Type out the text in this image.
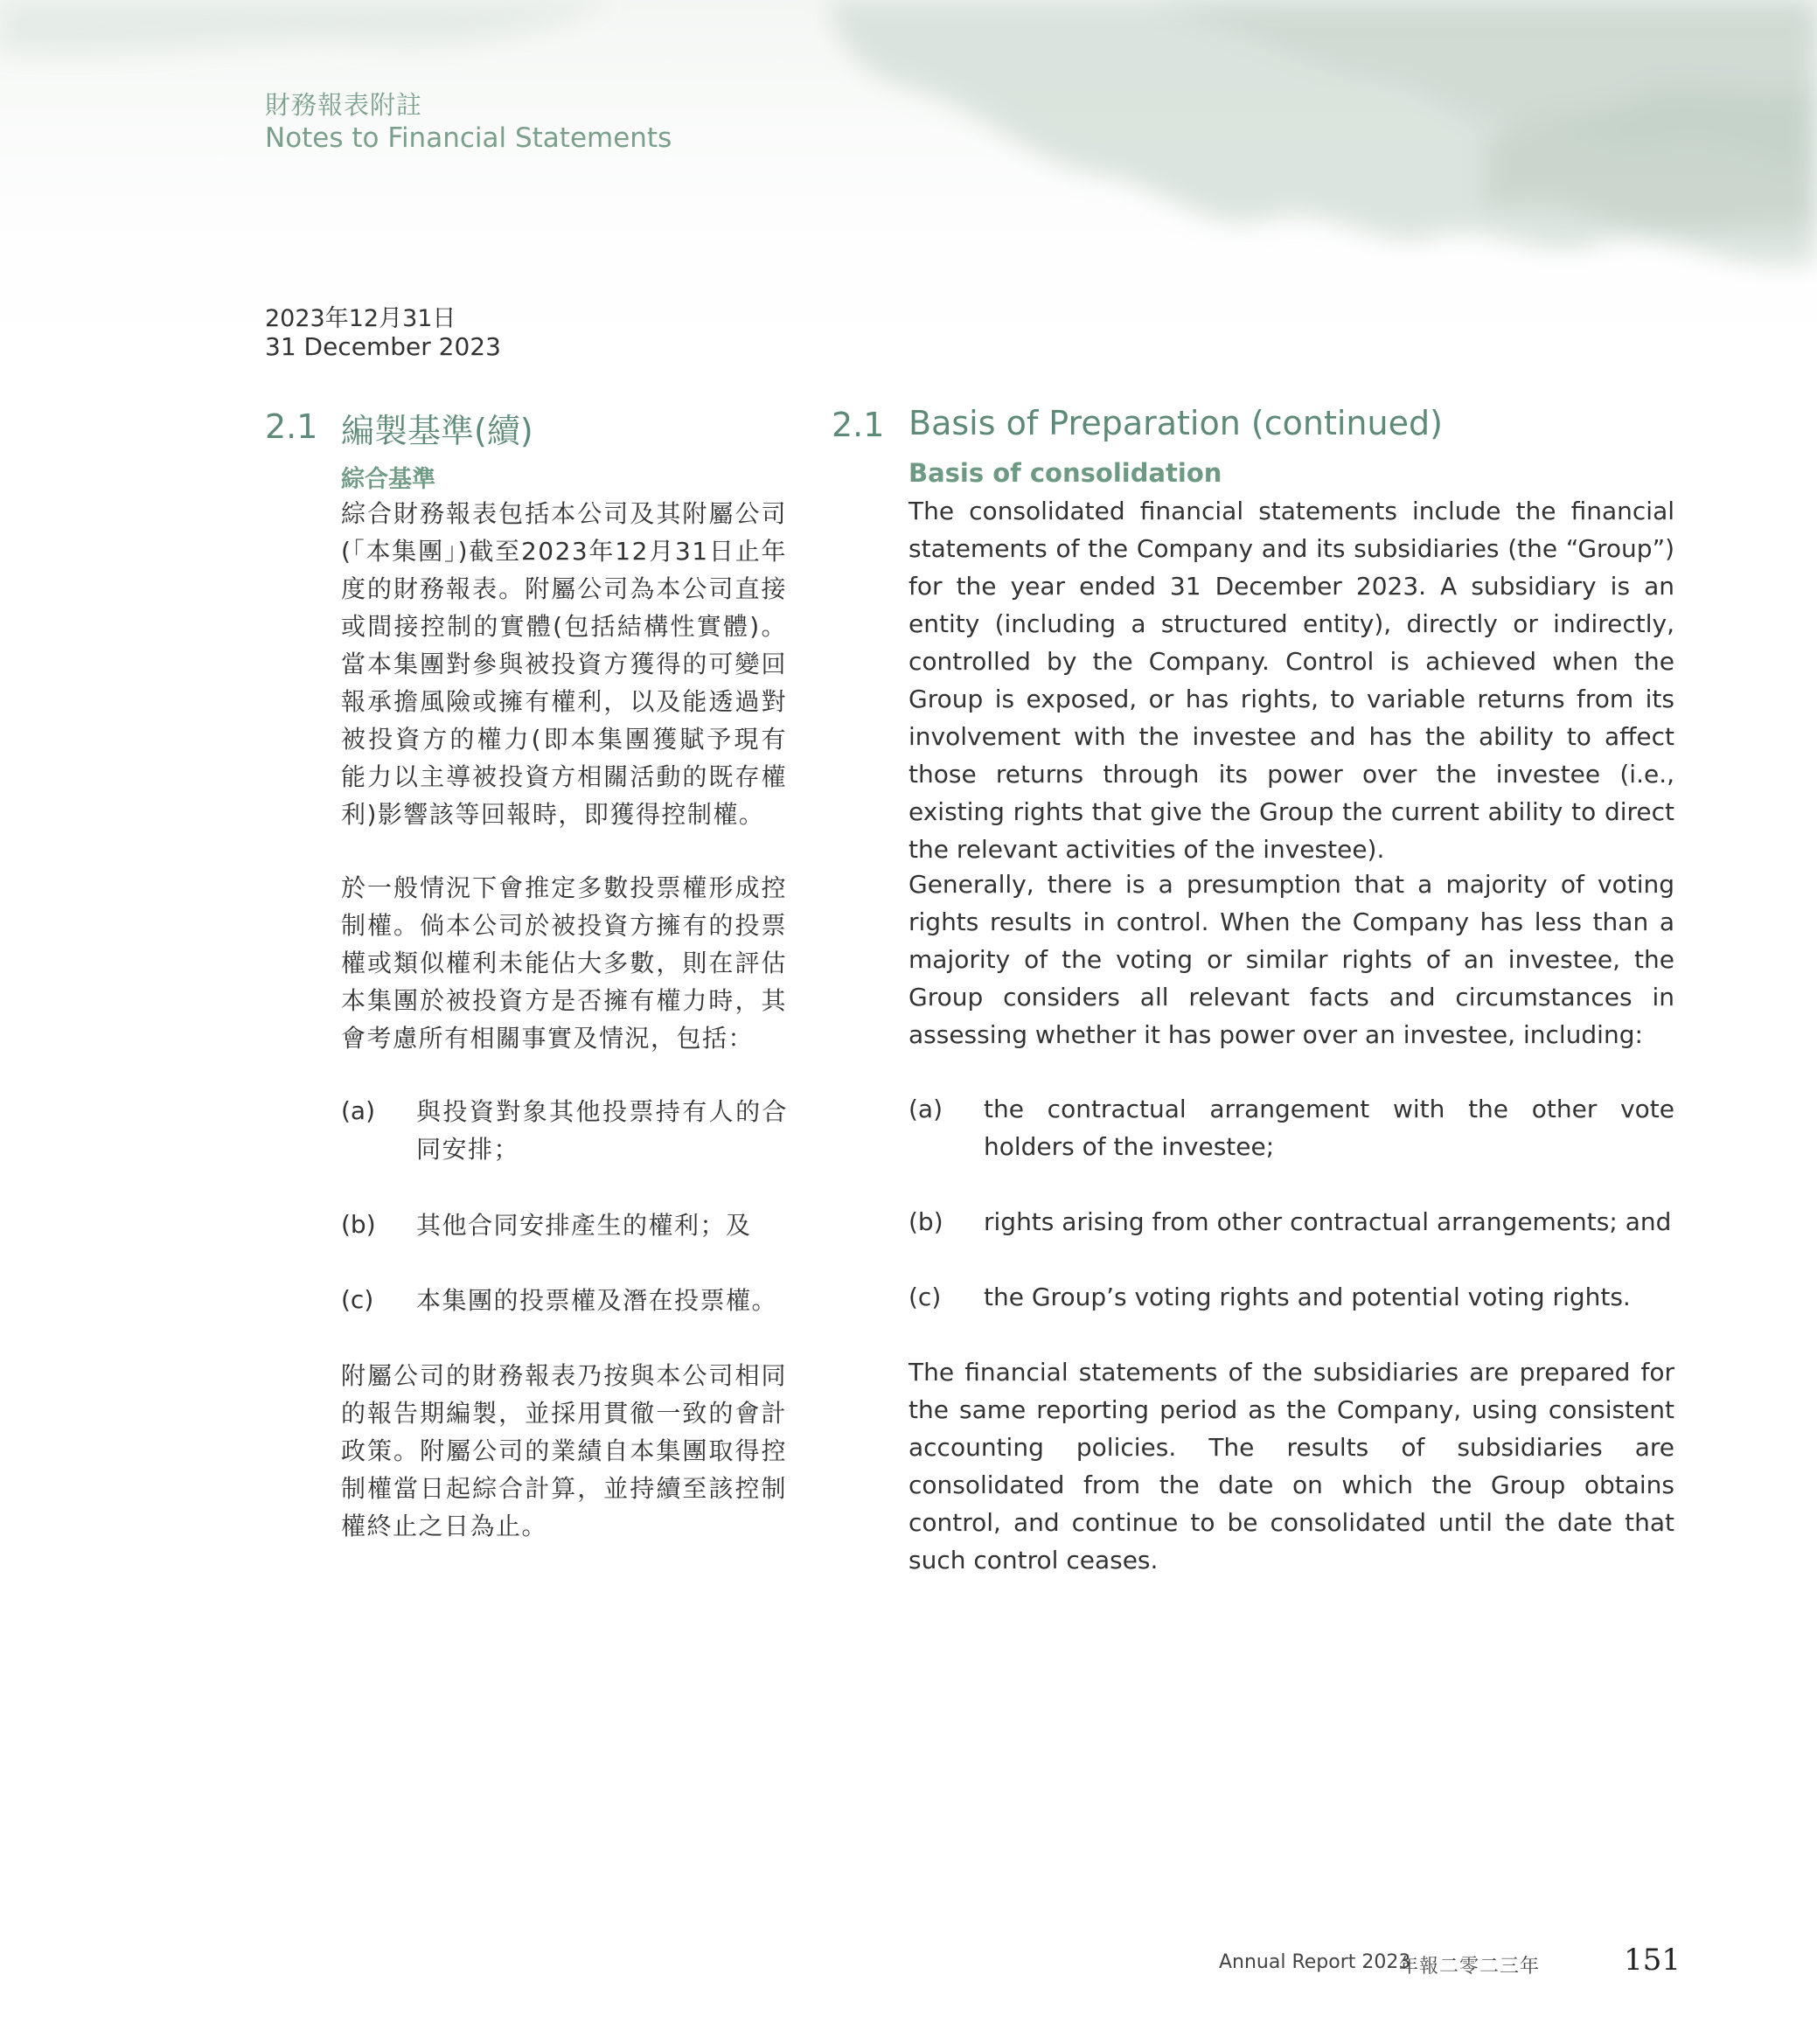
財務報表附註
Notes to Financial Statements
2023年12月31日
31 December 2023
2.1 編製基準(續)
綜合基準

綜合財務報表包括本公司及其附屬公司(「本集團」)截至2023年12月31日止年度的財務報表。附屬公司為本公司直接或間接控制的實體(包括結構性實體)。當本集團對參與被投資方獲得的可變回報承擔風險或擁有權利，以及能透過對被投資方的權力(即本集團獲賦予現有能力以主導被投資方相關活動的既存權利)影響該等回報時，即獲得控制權。

於一般情況下會推定多數投票權形成控制權。倘本公司於被投資方擁有的投票權或類似權利未能佔大多數，則在評估本集團於被投資方是否擁有權力時，其會考慮所有相關事實及情況，包括：

(a) 與投資對象其他投票持有人的合同安排；

(b) 其他合同安排產生的權利；及

(c) 本集團的投票權及潛在投票權。

附屬公司的財務報表乃按與本公司相同的報告期編製，並採用貫徹一致的會計政策。附屬公司的業績自本集團取得控制權當日起綜合計算，並持續至該控制權終止之日為止。

2.1 Basis of Preparation (continued)
Basis of consolidation

The consolidated financial statements include the financial statements of the Company and its subsidiaries (the “Group”) for the year ended 31 December 2023. A subsidiary is an entity (including a structured entity), directly or indirectly, controlled by the Company. Control is achieved when the Group is exposed, or has rights, to variable returns from its involvement with the investee and has the ability to affect those returns through its power over the investee (i.e., existing rights that give the Group the current ability to direct the relevant activities of the investee).

Generally, there is a presumption that a majority of voting rights results in control. When the Company has less than a majority of the voting or similar rights of an investee, the Group considers all relevant facts and circumstances in assessing whether it has power over an investee, including:

(a) the contractual arrangement with the other vote holders of the investee;

(b) rights arising from other contractual arrangements; and

(c) the Group’s voting rights and potential voting rights.

The financial statements of the subsidiaries are prepared for the same reporting period as the Company, using consistent accounting policies. The results of subsidiaries are consolidated from the date on which the Group obtains control, and continue to be consolidated until the date that such control ceases.

Annual Report 2023
年報二零二三年	151
